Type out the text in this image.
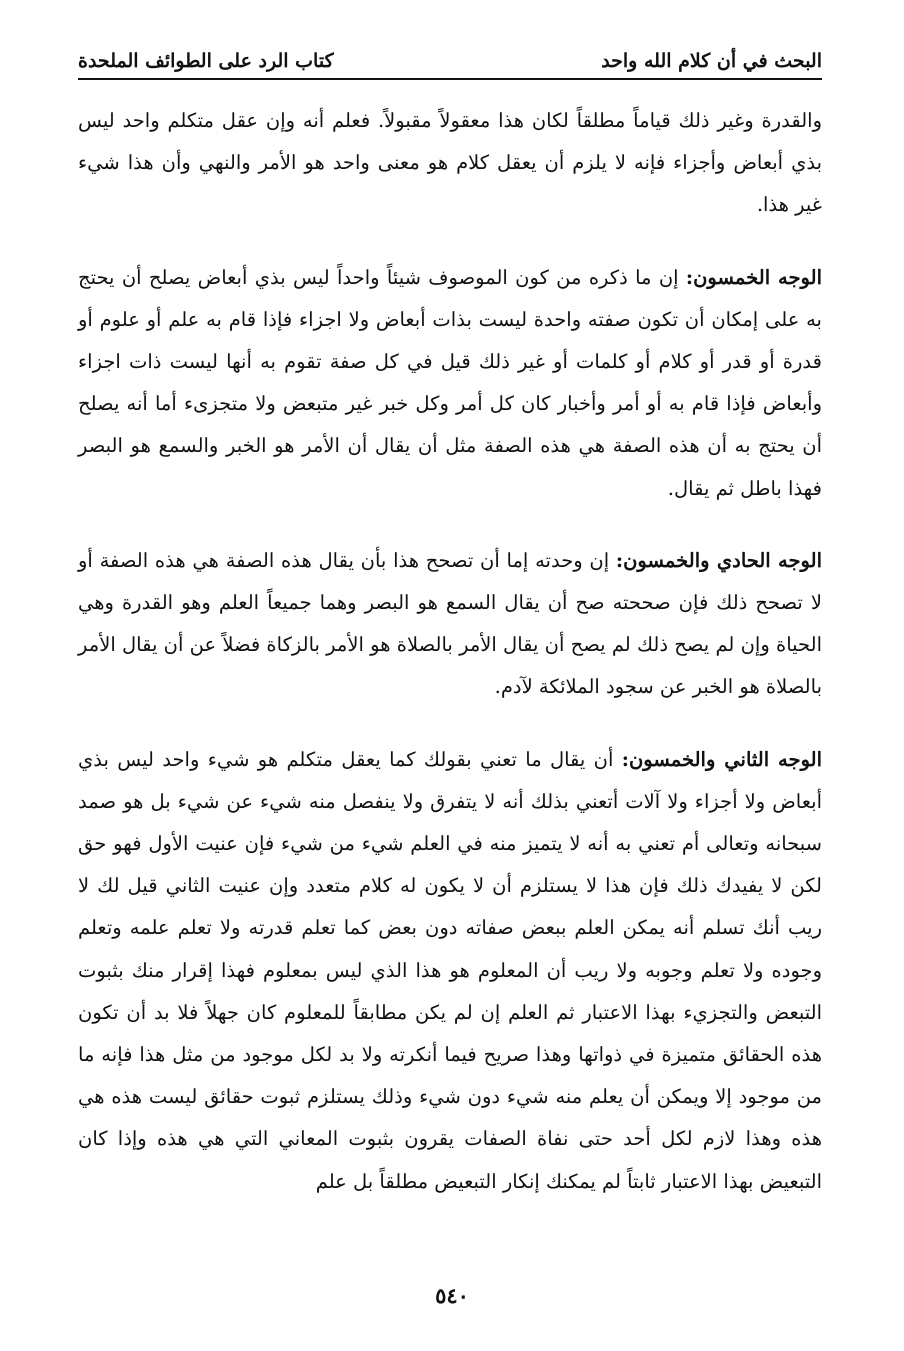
البحث في أن كلام الله واحد
كتاب الرد على الطوائف الملحدة

والقدرة وغير ذلك قياماً مطلقاً لكان هذا معقولاً مقبولاً. فعلم أنه وإن عقل متكلم واحد ليس بذي أبعاض وأجزاء فإنه لا يلزم أن يعقل كلام هو معنى واحد هو الأمر والنهي وأن هذا شيء غير هذا.

الوجه الخمسون: إن ما ذكره من كون الموصوف شيئاً واحداً ليس بذي أبعاض يصلح أن يحتج به على إمكان أن تكون صفته واحدة ليست بذات أبعاض ولا اجزاء فإذا قام به علم أو علوم أو قدرة أو قدر أو كلام أو كلمات أو غير ذلك قيل في كل صفة تقوم به أنها ليست ذات اجزاء وأبعاض فإذا قام به أو أمر وأخبار كان كل أمر وكل خبر غير متبعض ولا متجزىء أما أنه يصلح أن يحتج به أن هذه الصفة هي هذه الصفة مثل أن يقال أن الأمر هو الخبر والسمع هو البصر فهذا باطل ثم يقال.

الوجه الحادي والخمسون: إن وحدته إما أن تصحح هذا بأن يقال هذه الصفة هي هذه الصفة أو لا تصحح ذلك فإن صححته صح أن يقال السمع هو البصر وهما جميعاً العلم وهو القدرة وهي الحياة وإن لم يصح ذلك لم يصح أن يقال الأمر بالصلاة هو الأمر بالزكاة فضلاً عن أن يقال الأمر بالصلاة هو الخبر عن سجود الملائكة لآدم.

الوجه الثاني والخمسون: أن يقال ما تعني بقولك كما يعقل متكلم هو شيء واحد ليس بذي أبعاض ولا أجزاء ولا آلات أتعني بذلك أنه لا يتفرق ولا ينفصل منه شيء عن شيء بل هو صمد سبحانه وتعالى أم تعني به أنه لا يتميز منه في العلم شيء من شيء فإن عنيت الأول فهو حق لكن لا يفيدك ذلك فإن هذا لا يستلزم أن لا يكون له كلام متعدد وإن عنيت الثاني قيل لك لا ريب أنك تسلم أنه يمكن العلم ببعض صفاته دون بعض كما تعلم قدرته ولا تعلم علمه وتعلم وجوده ولا تعلم وجوبه ولا ريب أن المعلوم هو هذا الذي ليس بمعلوم فهذا إقرار منك بثبوت التبعض والتجزيء بهذا الاعتبار ثم العلم إن لم يكن مطابقاً للمعلوم كان جهلاً فلا بد أن تكون هذه الحقائق متميزة في ذواتها وهذا صريح فيما أنكرته ولا بد لكل موجود من مثل هذا فإنه ما من موجود إلا ويمكن أن يعلم منه شيء دون شيء وذلك يستلزم ثبوت حقائق ليست هذه هي هذه وهذا لازم لكل أحد حتى نفاة الصفات يقرون بثبوت المعاني التي هي هذه وإذا كان التبعيض بهذا الاعتبار ثابتاً لم يمكنك إنكار التبعيض مطلقاً بل علم

٥٤٠
